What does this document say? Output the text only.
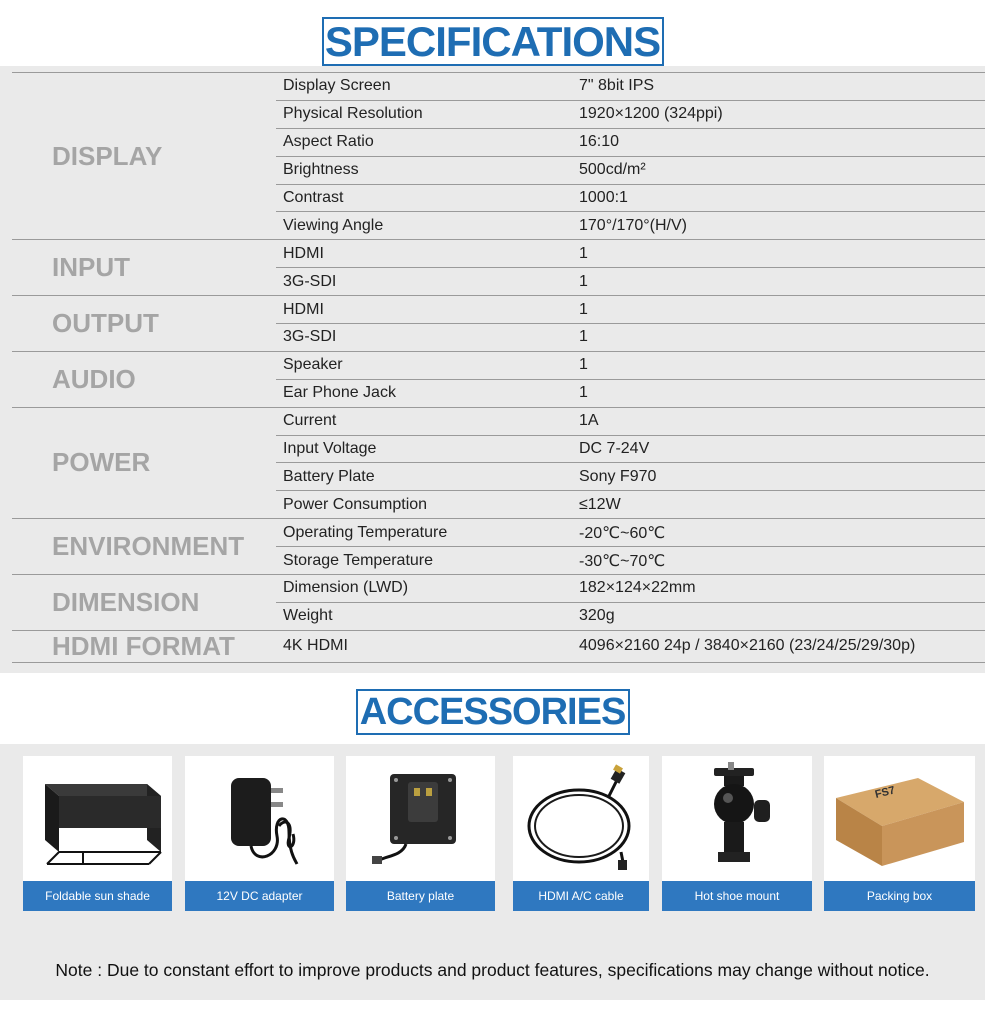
SPECIFICATIONS
DISPLAY	Display Screen	7" 8bit IPS
	Physical Resolution	1920×1200 (324ppi)
	Aspect Ratio	16:10
	Brightness	500cd/m²
	Contrast	1000:1
	Viewing Angle	170°/170°(H/V)
INPUT	HDMI	1
	3G-SDI	1
OUTPUT	HDMI	1
	3G-SDI	1
AUDIO	Speaker	1
	Ear Phone Jack	1
POWER	Current	1A
	Input Voltage	DC 7-24V
	Battery Plate	Sony F970
	Power Consumption	≤12W
ENVIRONMENT	Operating Temperature	-20℃~60℃
	Storage Temperature	-30℃~70℃
DIMENSION	Dimension (LWD)	182×124×22mm
	Weight	320g
HDMI FORMAT	4K HDMI	4096×2160 24p / 3840×2160 (23/24/25/29/30p)
ACCESSORIES
Foldable sun shade	12V DC adapter	Battery plate	HDMI A/C cable	Hot shoe mount
FS7
Packing box
Note : Due to constant effort to improve products and product features, specifications may change without notice.
